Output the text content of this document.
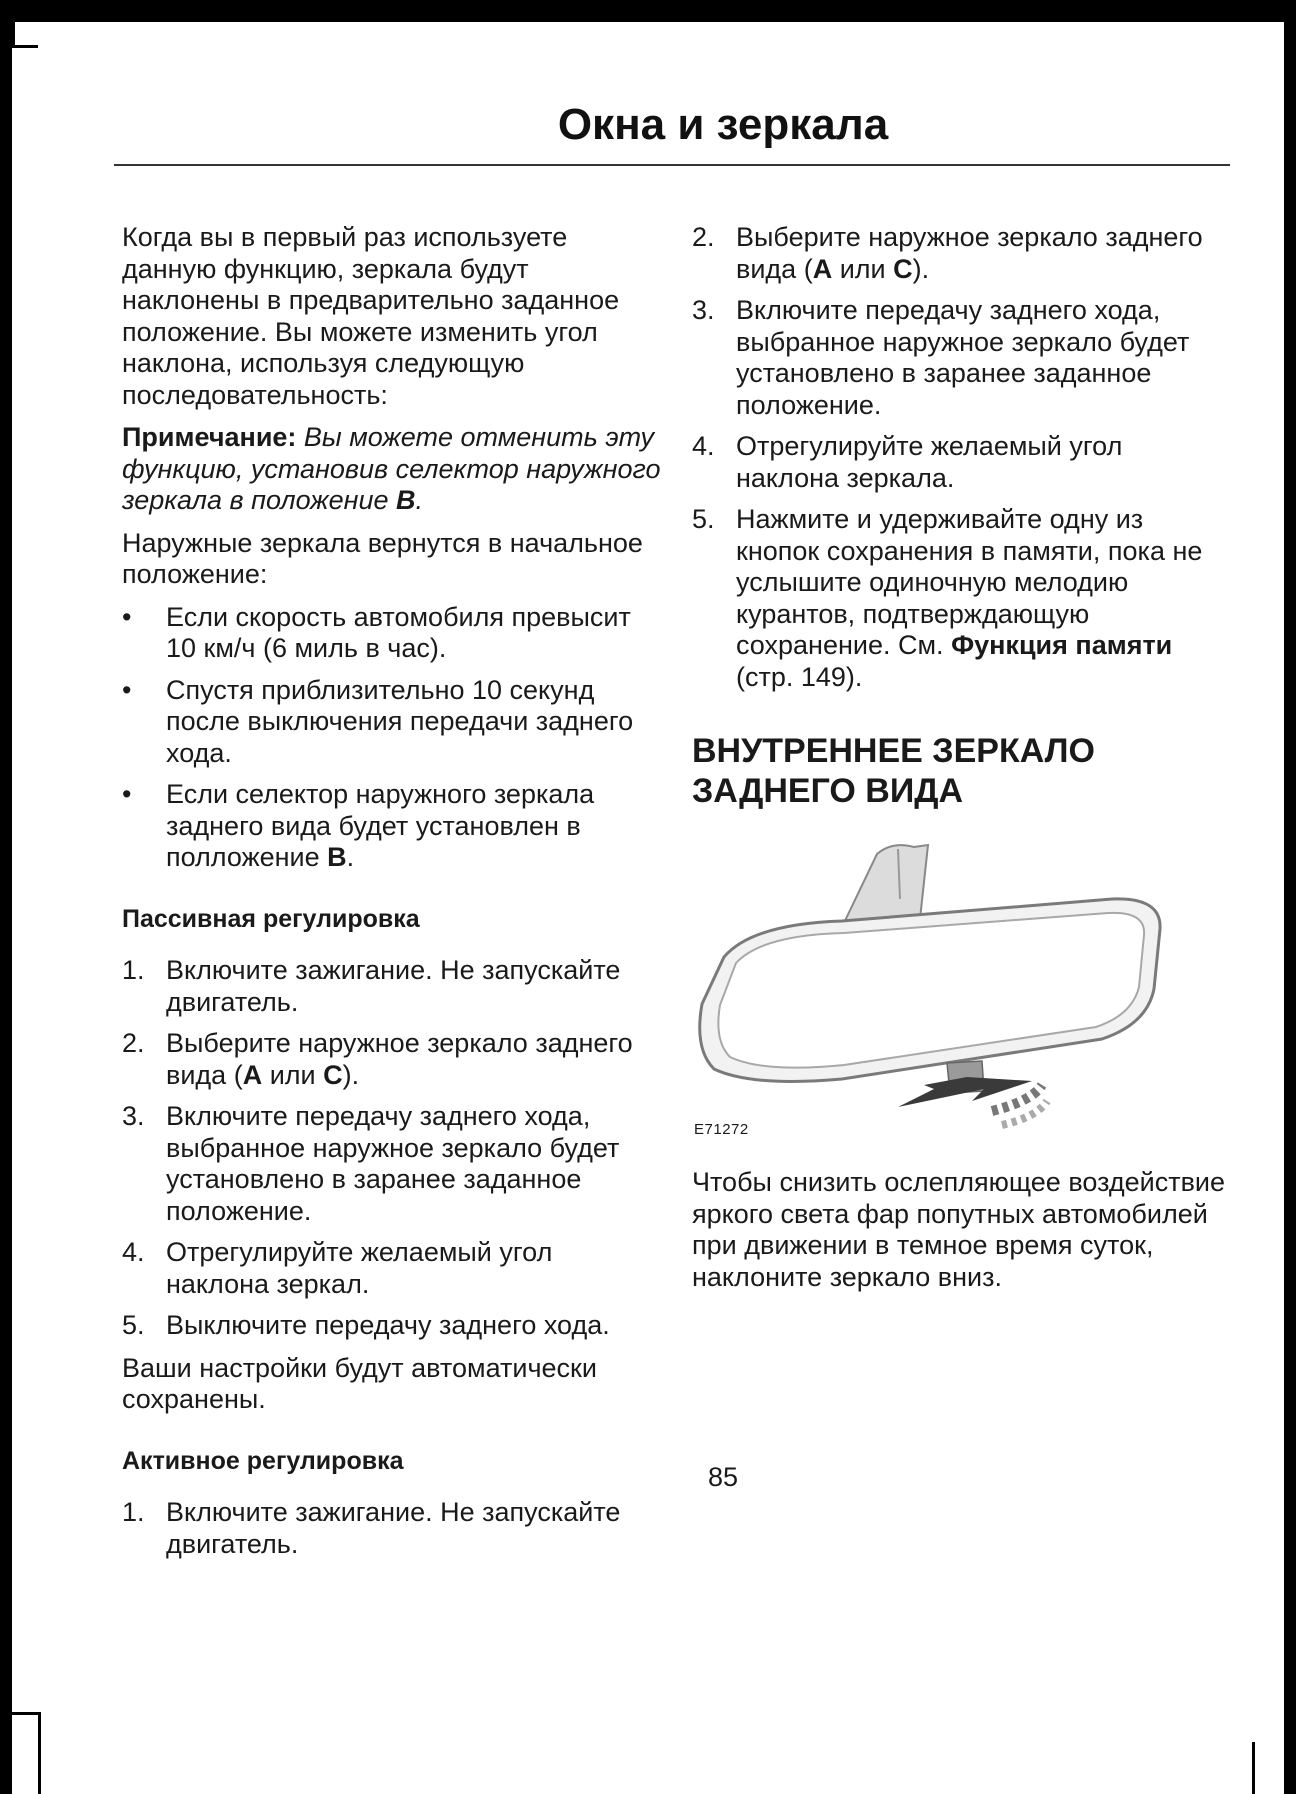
Окна и зеркала

Когда вы в первый раз используете данную функцию, зеркала будут наклонены в предварительно заданное положение. Вы можете изменить угол наклона, используя следующую последовательность:

Примечание: Вы можете отменить эту функцию, установив селектор наружного зеркала в положение B.

Наружные зеркала вернутся в начальное положение:

• Если скорость автомобиля превысит 10 км/ч (6 миль в час).
• Спустя приблизительно 10 секунд после выключения передачи заднего хода.
• Если селектор наружного зеркала заднего вида будет установлен в полложение B.
Пассивная регулировка
1. Включите зажигание. Не запускайте двигатель.
2. Выберите наружное зеркало заднего вида (A или C).
3. Включите передачу заднего хода, выбранное наружное зеркало будет установлено в заранее заданное положение.
4. Отрегулируйте желаемый угол наклона зеркал.
5. Выключите передачу заднего хода.

Ваши настройки будут автоматически сохранены.

Активное регулировка
1. Включите зажигание. Не запускайте двигатель.
2. Выберите наружное зеркало заднего вида (A или C).
3. Включите передачу заднего хода, выбранное наружное зеркало будет установлено в заранее заданное положение.
4. Отрегулируйте желаемый угол наклона зеркала.
5. Нажмите и удерживайте одну из кнопок сохранения в памяти, пока не услышите одиночную мелодию курантов, подтверждающую сохранение. См. Функция памяти (стр. 149).
ВНУТРЕННЕЕ ЗЕРКАЛО
ЗАДНЕГО ВИДА
E71272

Чтобы снизить ослепляющее воздействие яркого света фар попутных автомобилей при движении в темное время суток, наклоните зеркало вниз.

85
